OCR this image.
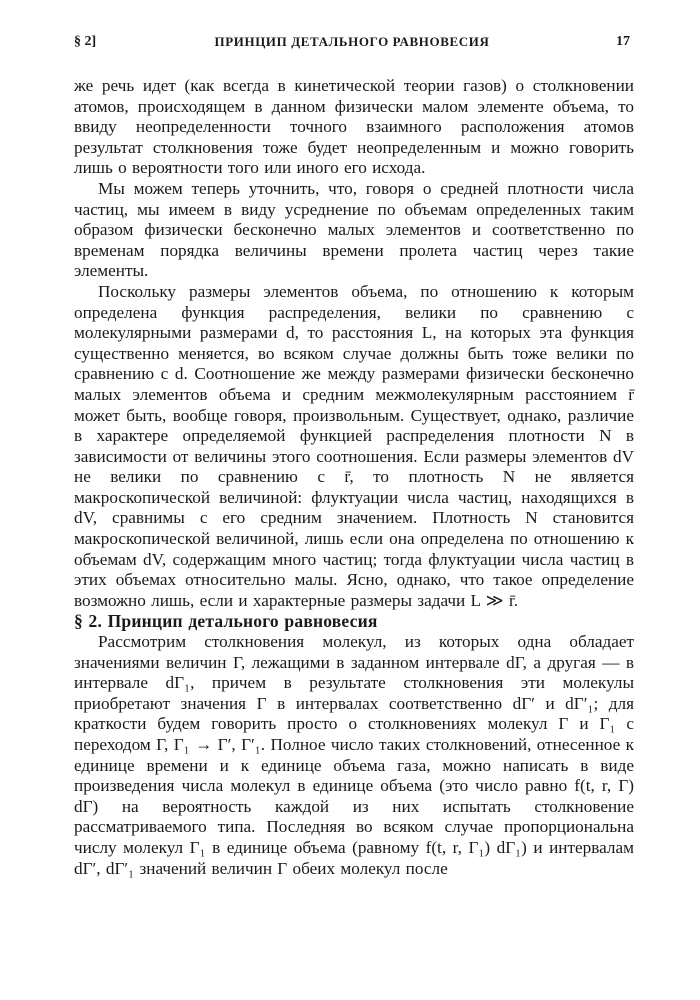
§ 2]	ПРИНЦИП ДЕТАЛЬНОГО РАВНОВЕСИЯ	17

же речь идет (как всегда в кинетической теории газов) о столкновении атомов, происходящем в данном физически малом элементе объема, то ввиду неопределенности точного взаимного расположения атомов результат столкновения тоже будет неопределенным и можно говорить лишь о вероятности того или иного его исхода.

Мы можем теперь уточнить, что, говоря о средней плотности числа частиц, мы имеем в виду усреднение по объемам определенных таким образом физически бесконечно малых элементов и соответственно по временам порядка величины времени пролета частиц через такие элементы.

Поскольку размеры элементов объема, по отношению к которым определена функция распределения, велики по сравнению с молекулярными размерами d, то расстояния L, на которых эта функция существенно меняется, во всяком случае должны быть тоже велики по сравнению с d. Соотношение же между размерами физически бесконечно малых элементов объема и средним межмолекулярным расстоянием r̄ может быть, вообще говоря, произвольным. Существует, однако, различие в характере определяемой функцией распределения плотности N в зависимости от величины этого соотношения. Если размеры элементов dV не велики по сравнению с r̄, то плотность N не является макроскопической величиной: флуктуации числа частиц, находящихся в dV, сравнимы с его средним значением. Плотность N становится макроскопической величиной, лишь если она определена по отношению к объемам dV, содержащим много частиц; тогда флуктуации числа частиц в этих объемах относительно малы. Ясно, однако, что такое определение возможно лишь, если и характерные размеры задачи L ≫ r̄.

§ 2. Принцип детального равновесия

Рассмотрим столкновения молекул, из которых одна обладает значениями величин Γ, лежащими в заданном интервале dΓ, а другая — в интервале dΓ₁, причем в результате столкновения эти молекулы приобретают значения Γ в интервалах соответственно dΓ′ и dΓ′₁; для краткости будем говорить просто о столкновениях молекул Γ и Γ₁ с переходом Γ, Γ₁ → Γ′, Γ′₁. Полное число таких столкновений, отнесенное к единице времени и к единице объема газа, можно написать в виде произведения числа молекул в единице объема (это число равно f(t, r, Γ) dΓ) на вероятность каждой из них испытать столкновение рассматриваемого типа. Последняя во всяком случае пропорциональна числу молекул Γ₁ в единице объема (равному f(t, r, Γ₁) dΓ₁) и интервалам dΓ′, dΓ′₁ значений величин Γ обеих молекул после
